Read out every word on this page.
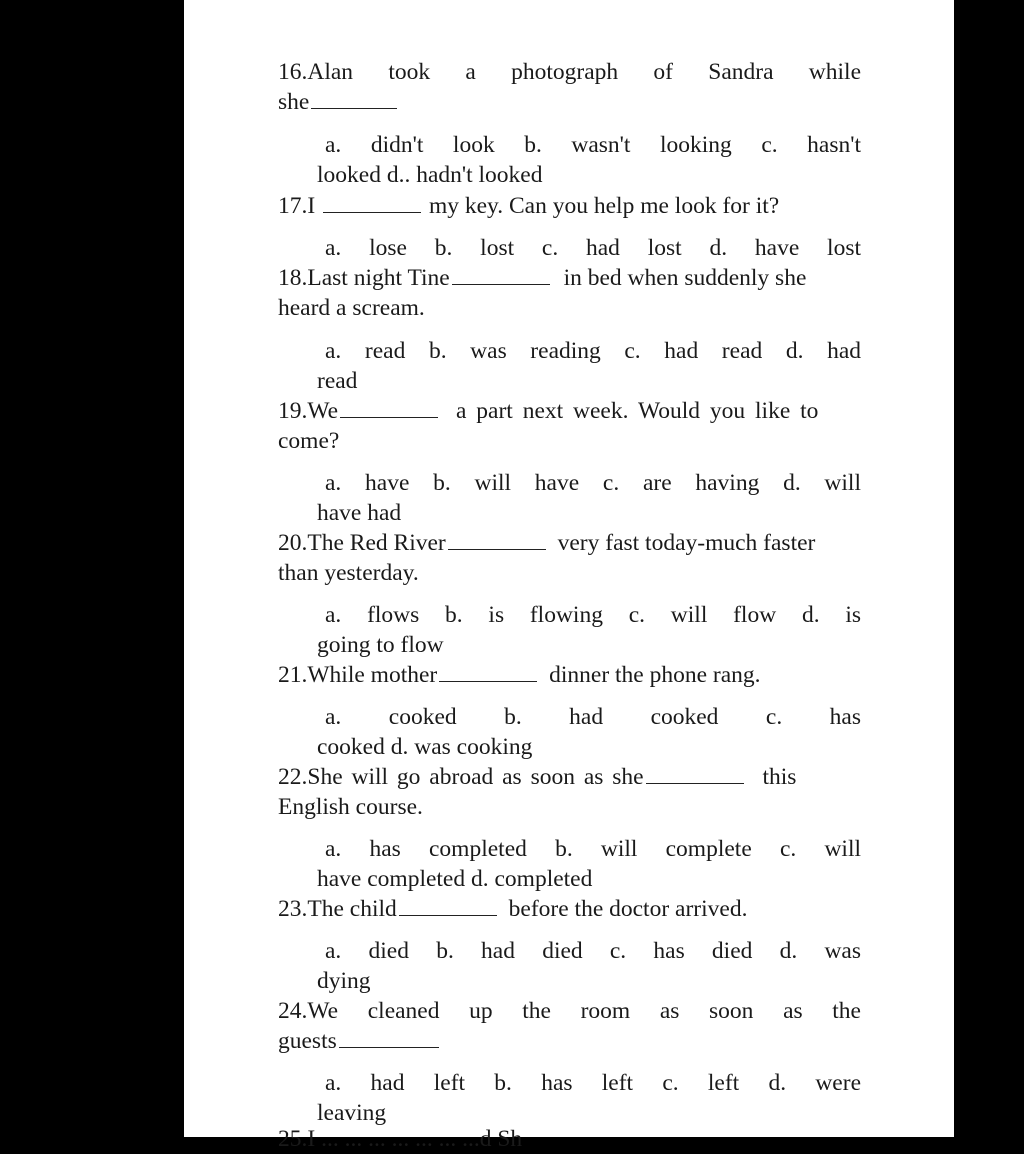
16.Alan took a photograph of Sandra while
she
a. didn't look b. wasn't looking c. hasn't
looked d.. hadn't looked
17.I	my key. Can you help me look for it?
a. lose b. lost c. had lost d. have lost
18.Last night Tine	in bed when suddenly she
heard a scream.
a. read b. was reading c. had read d. had
read
19.We	a part next week. Would you like to
come?
a. have b. will have c. are having d. will
have had
20.The Red River	very fast today-much faster
than yesterday.
a. flows b. is flowing c. will flow d. is
going to flow
21.While mother	dinner the phone rang.
a. cooked b. had cooked c. has
cooked d. was cooking
22.She will go abroad as soon as she	this
English course.
a. has completed b. will complete c. will
have completed d. completed
23.The child	before the doctor arrived.
a. died b. had died c. has died d. was
dying
24.We cleaned up the room as soon as the
guests
a. had left b. has left c. left d. were
leaving
25.I ... ... ... ... ... ... ...d Sh
